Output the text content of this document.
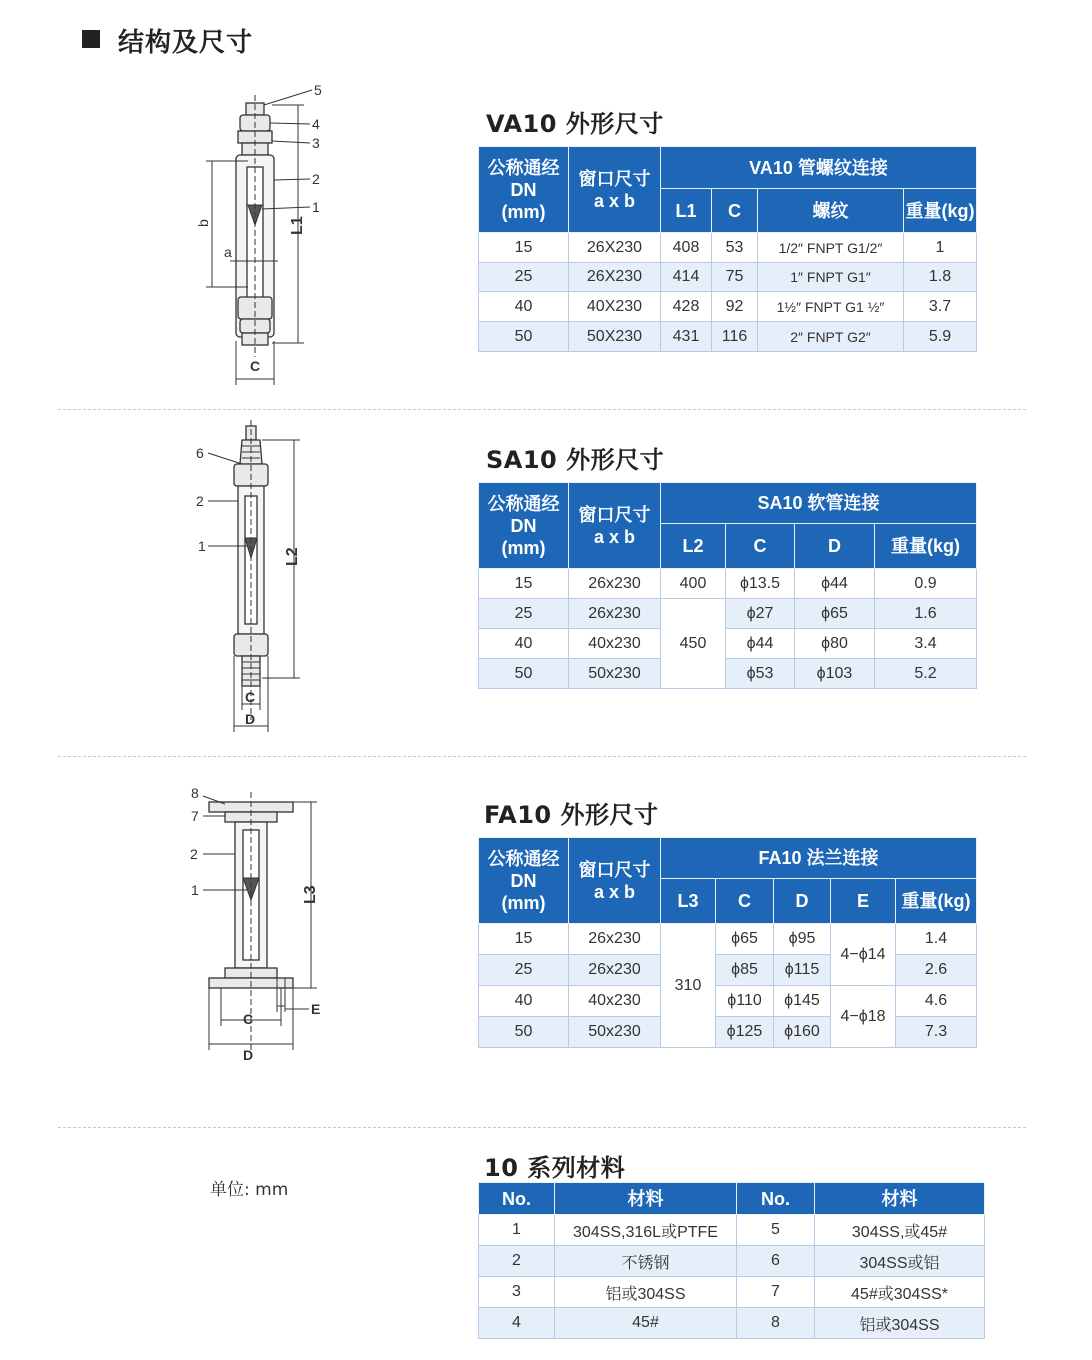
结构及尺寸
5
4
3
2
1
b
a
L1
C
VA10 外形尺寸
公称通经
DN
(mm)	窗口尺寸
a x b	VA10 管螺纹连接			
		L1	C	螺纹	重量(kg)
15	26X230	408	53	1/2″ FNPT G1/2″	1
25	26X230	414	75	1″ FNPT G1″	1.8
40	40X230	428	92	1½″ FNPT G1 ½″	3.7
50	50X230	431	116	2″ FNPT G2″	5.9
6
2
1
L2
C
D
SA10 外形尺寸
公称通经
DN
(mm)	窗口尺寸
a x b	SA10 软管连接			
		L2	C	D	重量(kg)
15	26x230	400	ϕ13.5	ϕ44	0.9
25	26x230	450	ϕ27	ϕ65	1.6
40	40x230		ϕ44	ϕ80	3.4
50	50x230		ϕ53	ϕ103	5.2
8
7
2
1	L3
C
D
E
FA10 外形尺寸
公称通经
DN
(mm)	窗口尺寸
a x b	FA10 法兰连接				
		L3	C	D	E	重量(kg)
15	26x230	310	ϕ65	ϕ95	4−ϕ14	1.4
25	26x230		ϕ85	ϕ115		2.6
40	40x230		ϕ110	ϕ145	4−ϕ18	4.6
50	50x230		ϕ125	ϕ160		7.3
单位: mm
10 系列材料
No.	材料	No.	材料
1	304SS,316L或PTFE	5	304SS,或45#
2	不锈钢	6	304SS或铝
3	铝或304SS	7	45#或304SS*
4	45#	8	铝或304SS
